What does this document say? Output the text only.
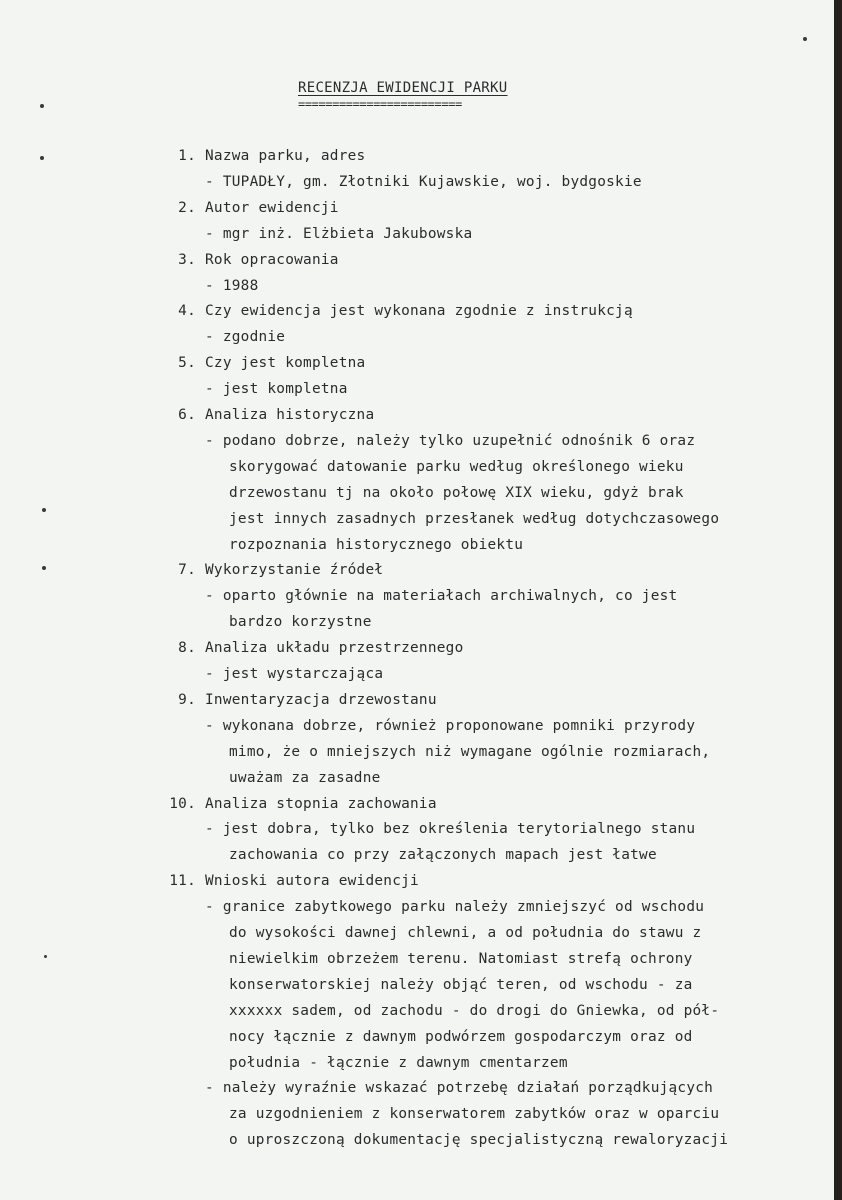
RECENZJA EWIDENCJI PARKU
========================
1. Nazwa parku, adres
- TUPADŁY, gm. Złotniki Kujawskie, woj. bydgoskie
2. Autor ewidencji
- mgr inż. Elżbieta Jakubowska
3. Rok opracowania
- 1988
4. Czy ewidencja jest wykonana zgodnie z instrukcją
- zgodnie
5. Czy jest kompletna
- jest kompletna
6. Analiza historyczna
- podano dobrze, należy tylko uzupełnić odnośnik 6 oraz
skorygować datowanie parku według określonego wieku
drzewostanu tj na około połowę XIX wieku, gdyż brak
jest innych zasadnych przesłanek według dotychczasowego
rozpoznania historycznego obiektu
7. Wykorzystanie źródeł
- oparto głównie na materiałach archiwalnych, co jest
bardzo korzystne
8. Analiza układu przestrzennego
- jest wystarczająca
9. Inwentaryzacja drzewostanu
- wykonana dobrze, również proponowane pomniki przyrody
mimo, że o mniejszych niż wymagane ogólnie rozmiarach,
uważam za zasadne
10. Analiza stopnia zachowania
- jest dobra, tylko bez określenia terytorialnego stanu
zachowania co przy załączonych mapach jest łatwe
11. Wnioski autora ewidencji
- granice zabytkowego parku należy zmniejszyć od wschodu
do wysokości dawnej chlewni, a od południa do stawu z
niewielkim obrzeżem terenu. Natomiast strefą ochrony
konserwatorskiej należy objąć teren, od wschodu - za
xxxxxx sadem, od zachodu - do drogi do Gniewka, od pół-
nocy łącznie z dawnym podwórzem gospodarczym oraz od
południa - łącznie z dawnym cmentarzem
- należy wyraźnie wskazać potrzebę działań porządkujących
za uzgodnieniem z konserwatorem zabytków oraz w oparciu
o uproszczoną dokumentację specjalistyczną rewaloryzacji
